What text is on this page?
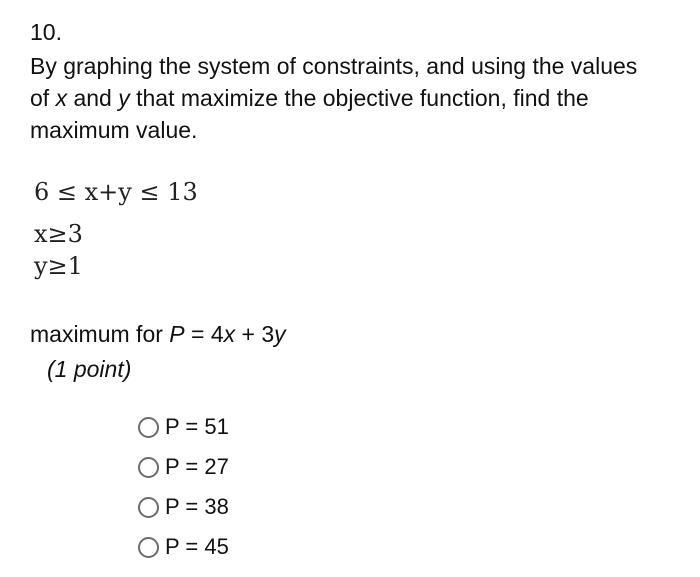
10.
By graphing the system of constraints, and using the values
of x and y that maximize the objective function, find the
maximum value.
6 ≤ x+y ≤ 13
x≥3
y≥1
maximum for P = 4x + 3y
(1 point)
P = 51
P = 27
P = 38
P = 45
